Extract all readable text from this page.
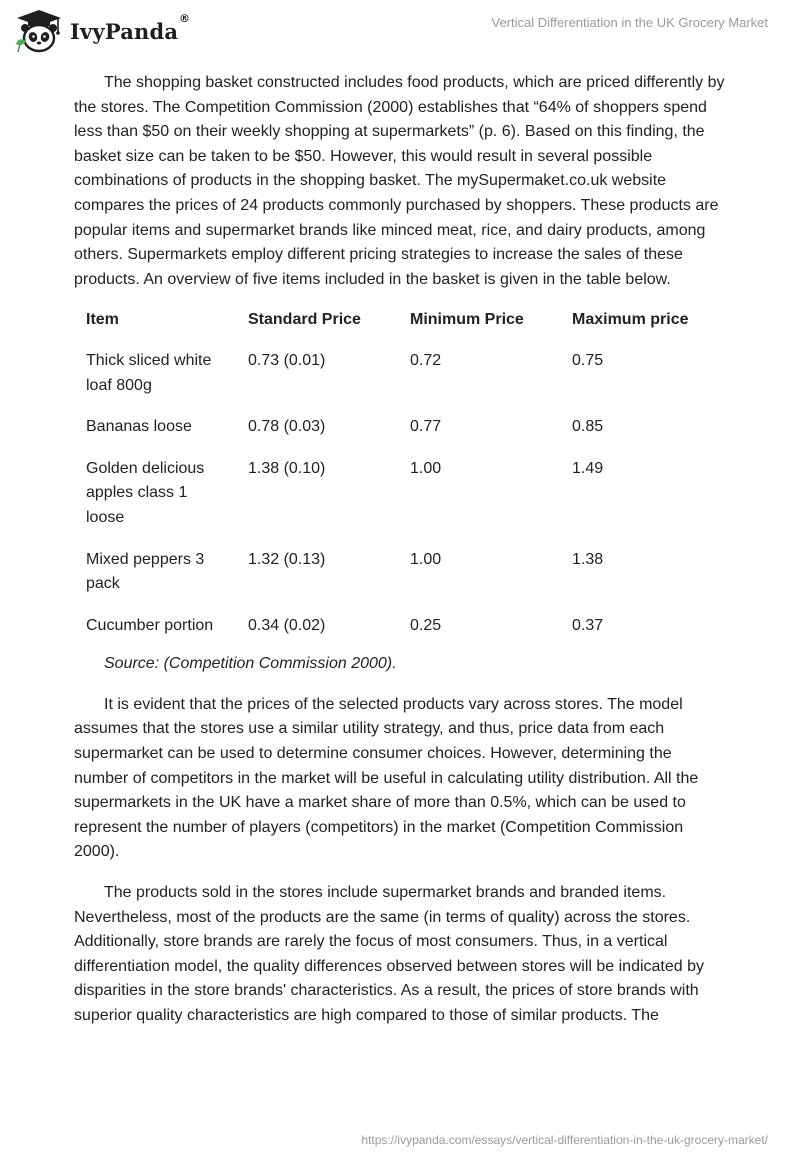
IvyPanda
®	Vertical Differentiation in the UK Grocery Market

The shopping basket constructed includes food products, which are priced differently by the stores. The Competition Commission (2000) establishes that “64% of shoppers spend less than $50 on their weekly shopping at supermarkets” (p. 6). Based on this finding, the basket size can be taken to be $50. However, this would result in several possible combinations of products in the shopping basket. The mySupermaket.co.uk website compares the prices of 24 products commonly purchased by shoppers. These products are popular items and supermarket brands like minced meat, rice, and dairy products, among others. Supermarkets employ different pricing strategies to increase the sales of these products. An overview of five items included in the basket is given in the table below.

Item	Standard Price	Minimum Price	Maximum price
Thick sliced white loaf 800g	0.73 (0.01)	0.72	0.75
Bananas loose	0.78 (0.03)	0.77	0.85
Golden delicious apples class 1 loose	1.38 (0.10)	1.00	1.49
Mixed peppers 3 pack	1.32 (0.13)	1.00	1.38
Cucumber portion	0.34 (0.02)	0.25	0.37

Source: (Competition Commission 2000).

It is evident that the prices of the selected products vary across stores. The model assumes that the stores use a similar utility strategy, and thus, price data from each supermarket can be used to determine consumer choices. However, determining the number of competitors in the market will be useful in calculating utility distribution. All the supermarkets in the UK have a market share of more than 0.5%, which can be used to represent the number of players (competitors) in the market (Competition Commission 2000).

The products sold in the stores include supermarket brands and branded items. Nevertheless, most of the products are the same (in terms of quality) across the stores. Additionally, store brands are rarely the focus of most consumers. Thus, in a vertical differentiation model, the quality differences observed between stores will be indicated by disparities in the store brands' characteristics. As a result, the prices of store brands with superior quality characteristics are high compared to those of similar products. The

https://ivypanda.com/essays/vertical-differentiation-in-the-uk-grocery-market/
